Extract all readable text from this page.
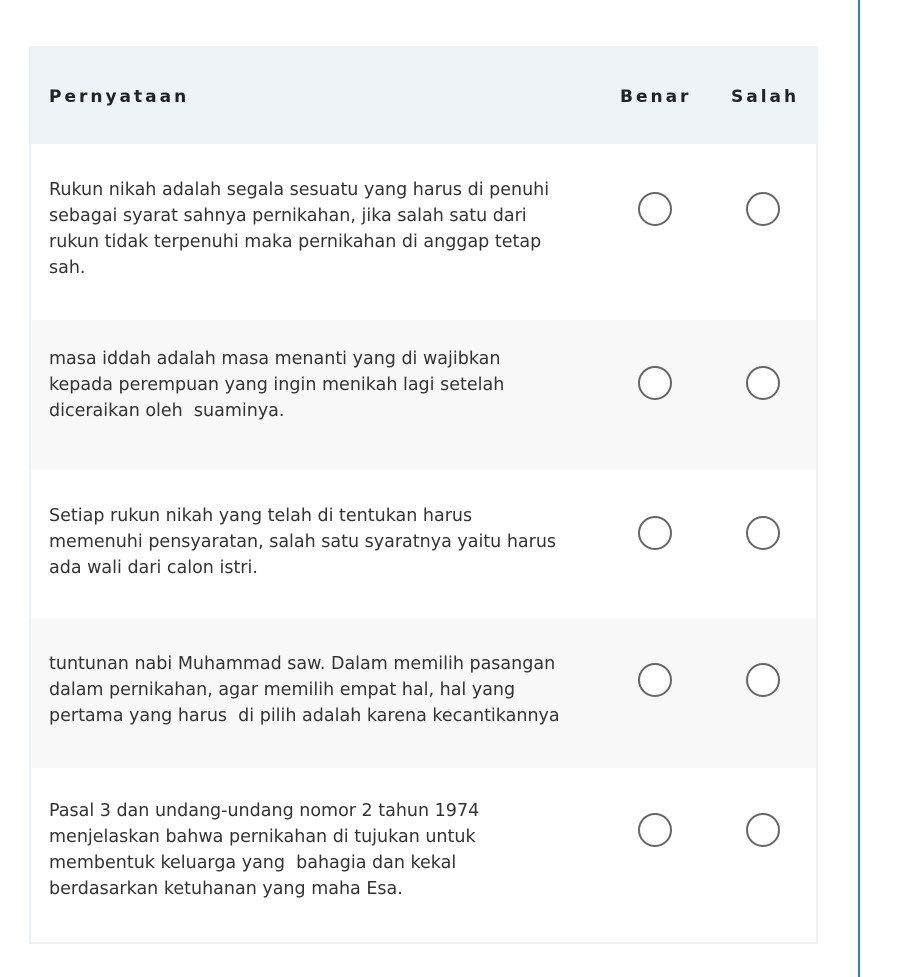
Pernyataan	Benar Salah
Rukun nikah adalah segala sesuatu yang harus di penuhi
sebagai syarat sahnya pernikahan, jika salah satu dari
rukun tidak terpenuhi maka pernikahan di anggap tetap
sah.
masa iddah adalah masa menanti yang di wajibkan
kepada perempuan yang ingin menikah lagi setelah
diceraikan oleh  suaminya.
Setiap rukun nikah yang telah di tentukan harus
memenuhi pensyaratan, salah satu syaratnya yaitu harus
ada wali dari calon istri.
tuntunan nabi Muhammad saw. Dalam memilih pasangan
dalam pernikahan, agar memilih empat hal, hal yang
pertama yang harus  di pilih adalah karena kecantikannya
Pasal 3 dan undang-undang nomor 2 tahun 1974
menjelaskan bahwa pernikahan di tujukan untuk
membentuk keluarga yang  bahagia dan kekal
berdasarkan ketuhanan yang maha Esa.
